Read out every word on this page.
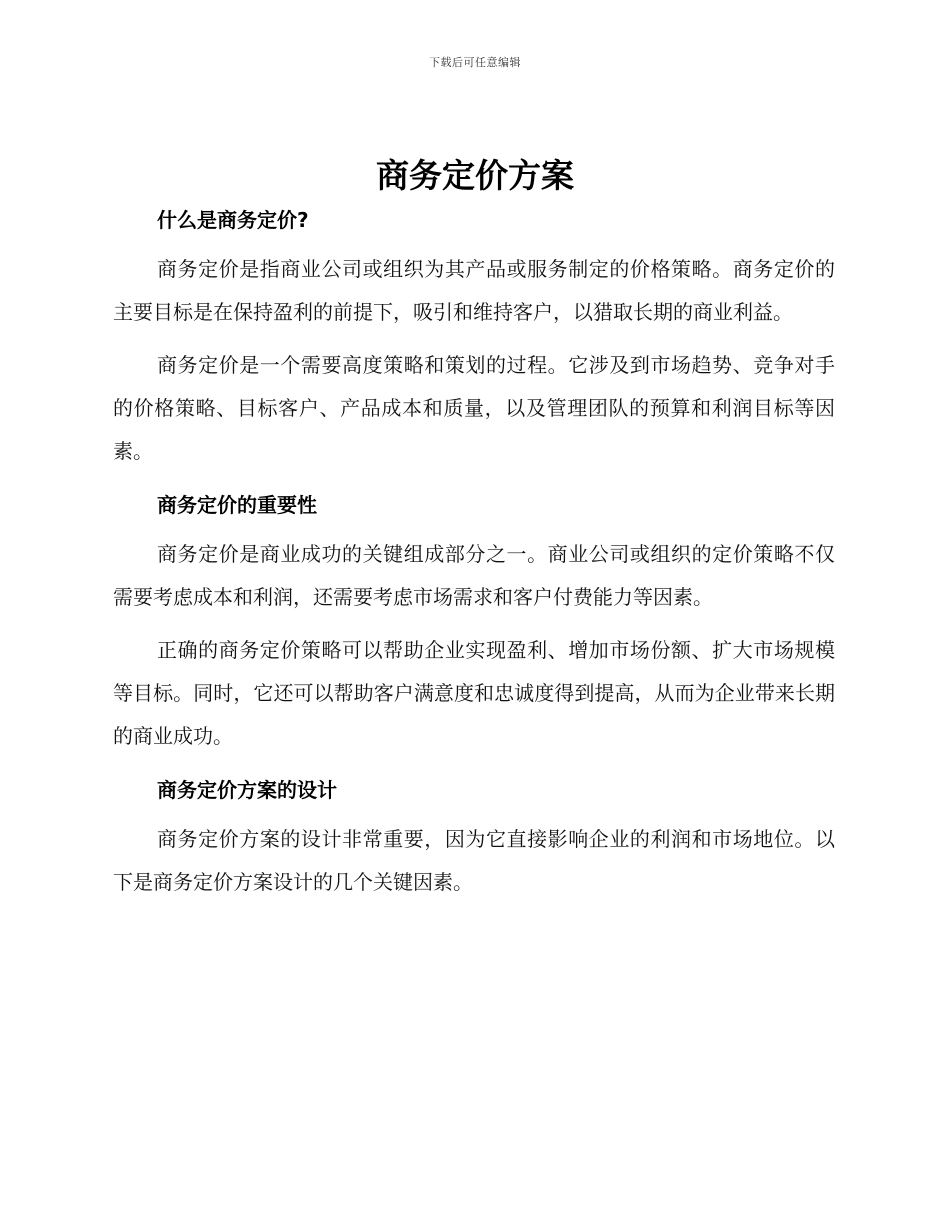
下载后可任意编辑
商务定价方案
什么是商务定价?

商务定价是指商业公司或组织为其产品或服务制定的价格策略。商务定价的主要目标是在保持盈利的前提下，吸引和维持客户，以猎取长期的商业利益。

商务定价是一个需要高度策略和策划的过程。它涉及到市场趋势、竞争对手的价格策略、目标客户、产品成本和质量，以及管理团队的预算和利润目标等因素。

商务定价的重要性

商务定价是商业成功的关键组成部分之一。商业公司或组织的定价策略不仅需要考虑成本和利润，还需要考虑市场需求和客户付费能力等因素。

正确的商务定价策略可以帮助企业实现盈利、增加市场份额、扩大市场规模等目标。同时，它还可以帮助客户满意度和忠诚度得到提高，从而为企业带来长期的商业成功。

商务定价方案的设计

商务定价方案的设计非常重要，因为它直接影响企业的利润和市场地位。以下是商务定价方案设计的几个关键因素。
